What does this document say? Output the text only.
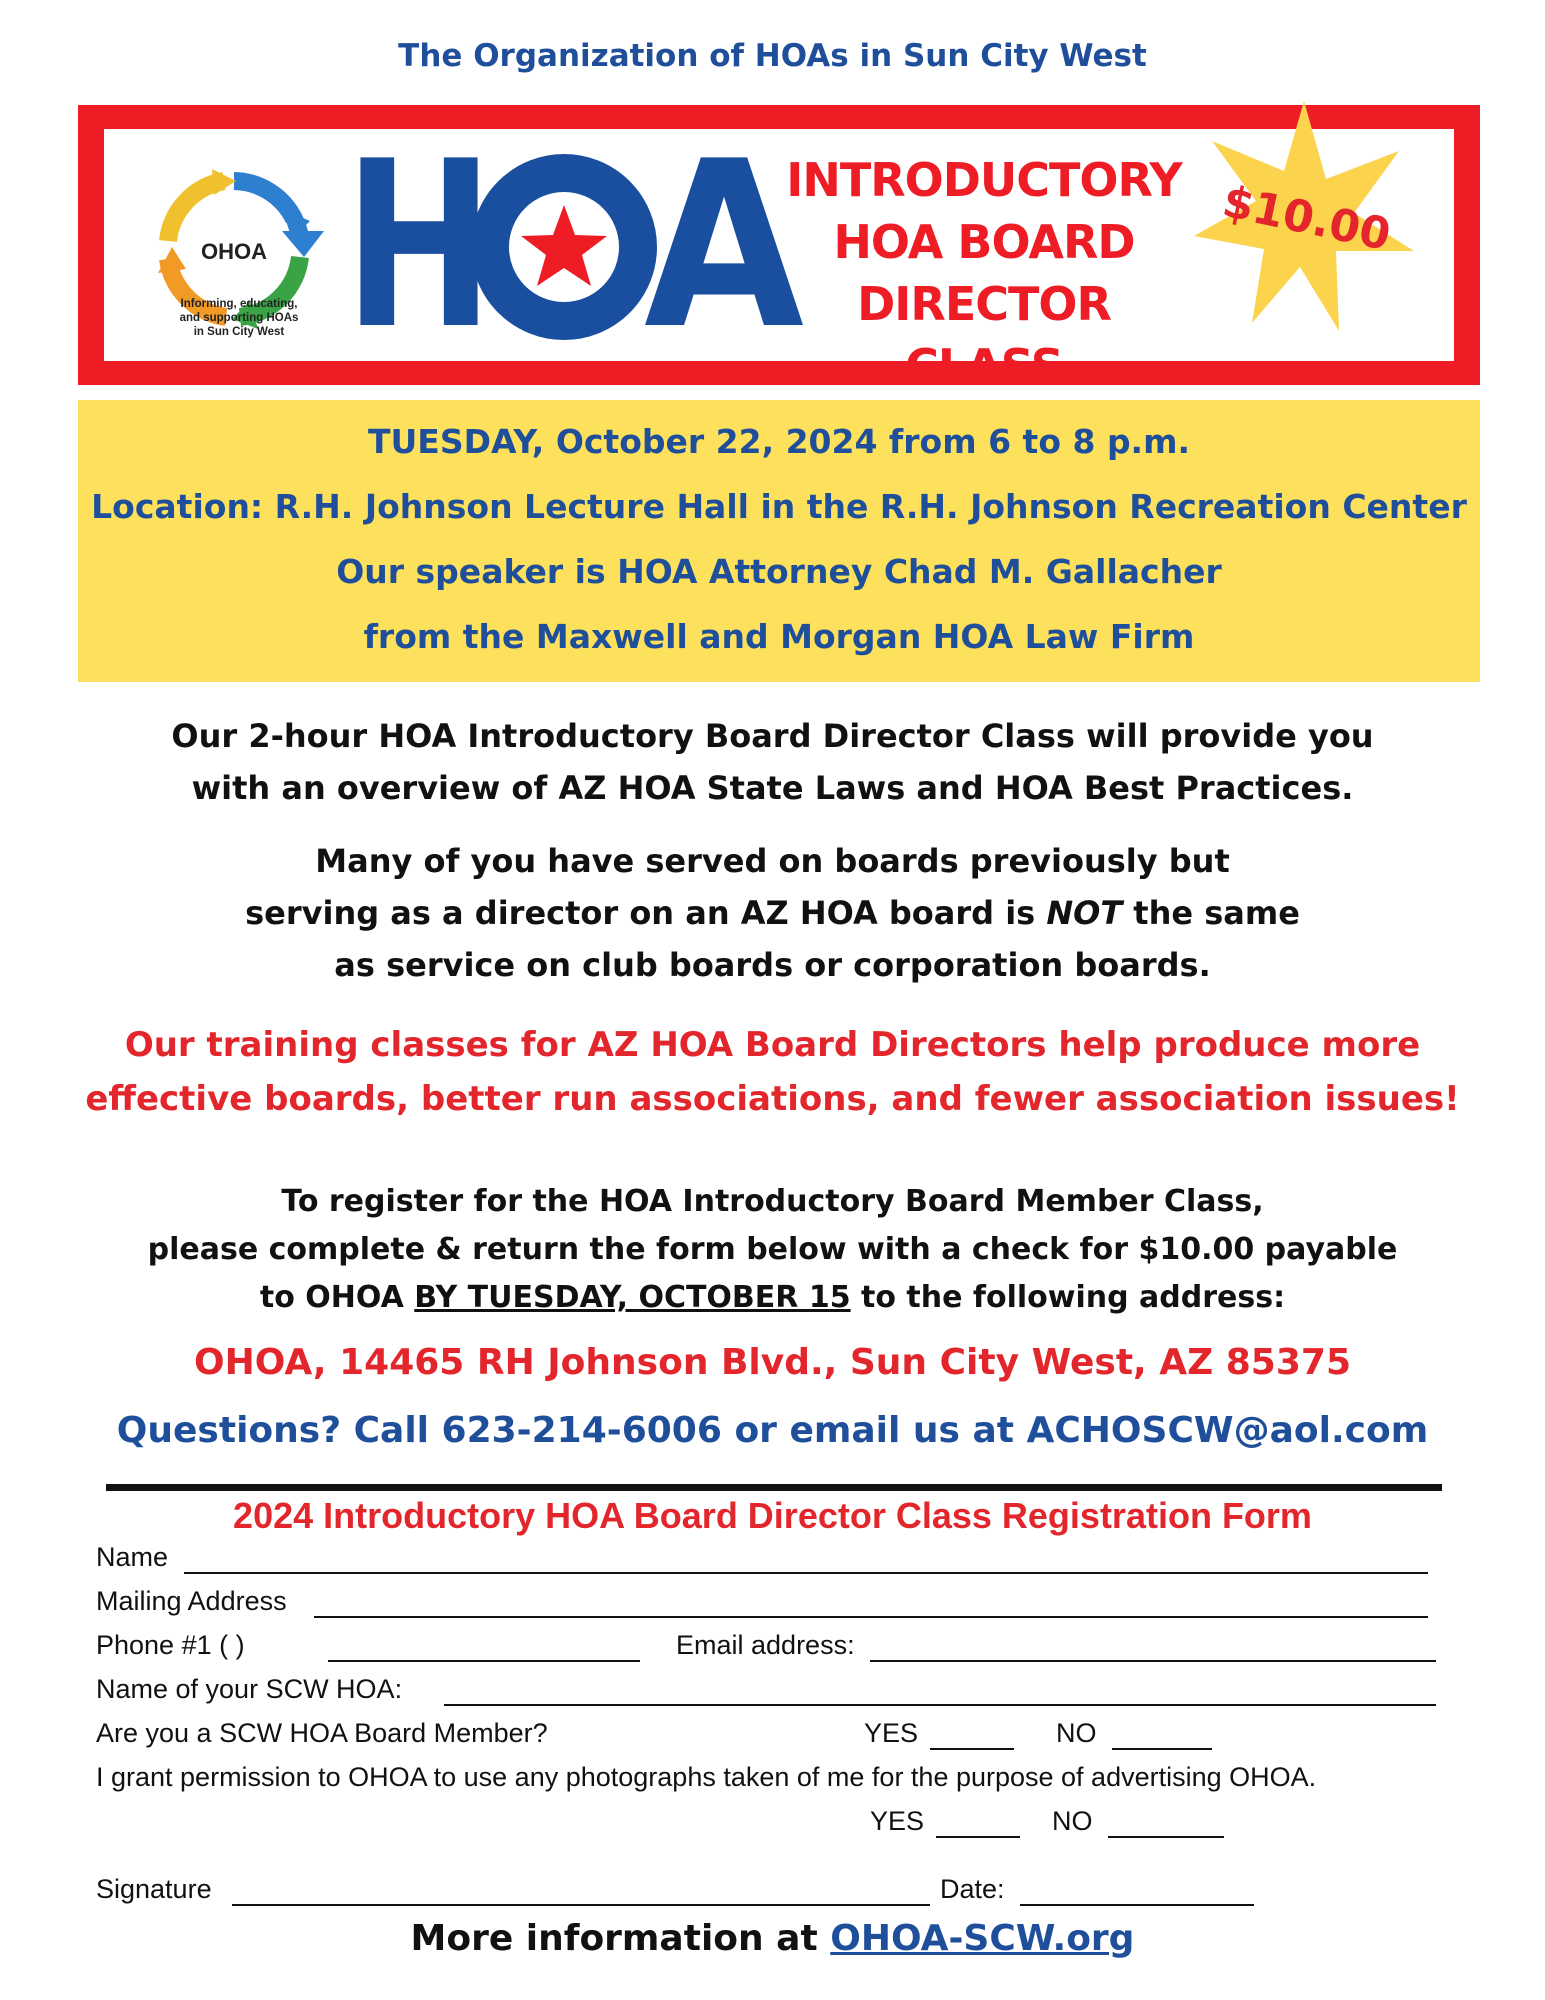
The Organization of HOAs in Sun City West
OHOA
Informing, educating,
and supporting HOAs
in Sun City West H A
INTRODUCTORY
HOA BOARD
DIRECTOR CLASS
$10.00
TUESDAY, October 22, 2024 from 6 to 8 p.m.
Location: R.H. Johnson Lecture Hall in the R.H. Johnson Recreation Center
Our speaker is HOA Attorney Chad M. Gallacher
from the Maxwell and Morgan HOA Law Firm
Our 2-hour HOA Introductory Board Director Class will provide you
with an overview of AZ HOA State Laws and HOA Best Practices.
Many of you have served on boards previously but
serving as a director on an AZ HOA board is NOT the same
as service on club boards or corporation boards.
Our training classes for AZ HOA Board Directors help produce more
effective boards, better run associations, and fewer association issues!
To register for the HOA Introductory Board Member Class,
please complete & return the form below with a check for $10.00 payable
to OHOA BY TUESDAY, OCTOBER 15 to the following address:
OHOA, 14465 RH Johnson Blvd., Sun City West, AZ 85375
Questions? Call 623-214-6006 or email us at ACHOSCW@aol.com
2024 Introductory HOA Board Director Class Registration Form
Name
Mailing Address
Phone #1 ( )	Email address:
Name of your SCW HOA:
Are you a SCW HOA Board Member?	YES	NO
I grant permission to OHOA to use any photographs taken of me for the purpose of advertising OHOA.
YES	NO
Signature	Date:
More information at OHOA-SCW.org
